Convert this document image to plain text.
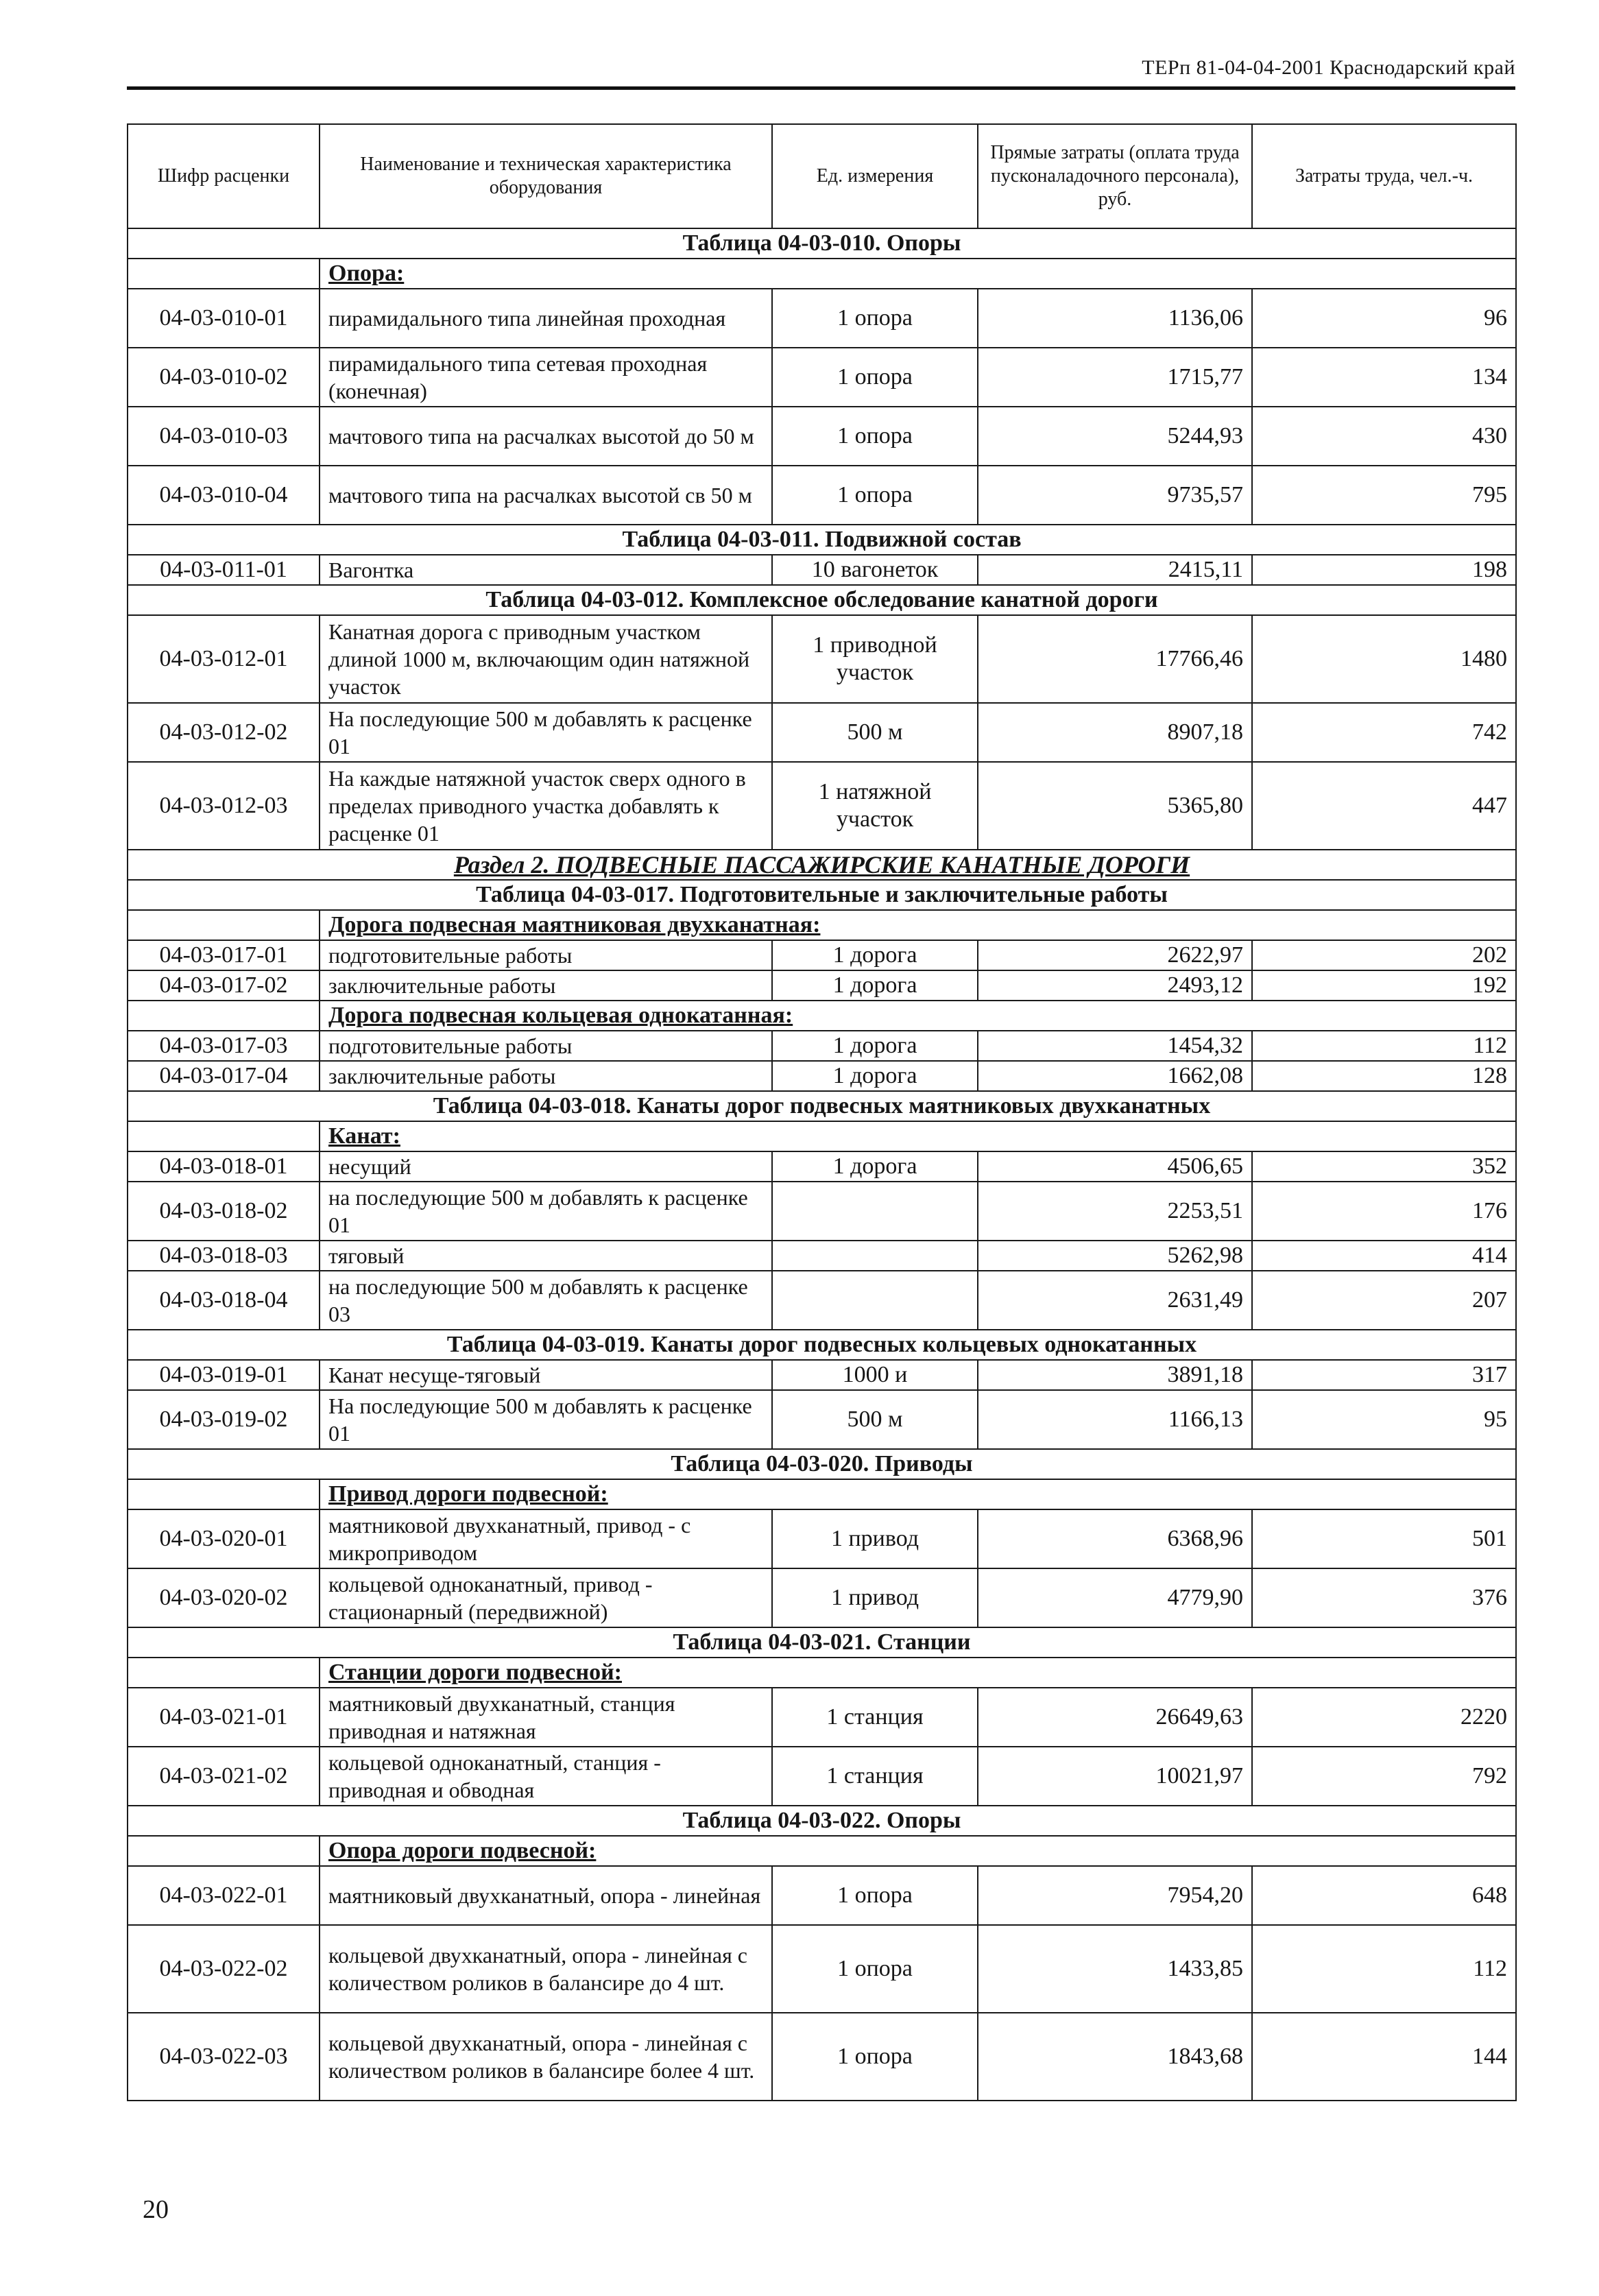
ТЕРп 81-04-04-2001 Краснодарский край
Шифр расценки	Наименование и техническая характеристика оборудования	Ед. измерения	Прямые затраты (оплата труда пусконаладочного персонала), руб.	Затраты труда, чел.-ч.
Таблица 04-03-010. Опоры				
	Опора:			
04-03-010-01	пирамидального типа линейная проходная	1 опора	1136,06	96
04-03-010-02	пирамидального типа сетевая проходная (конечная)	1 опора	1715,77	134
04-03-010-03	мачтового типа на расчалках высотой до 50 м	1 опора	5244,93	430
04-03-010-04	мачтового типа на расчалках высотой св 50 м	1 опора	9735,57	795
Таблица 04-03-011. Подвижной состав				
04-03-011-01	Вагонтка	10 вагонеток	2415,11	198
Таблица 04-03-012. Комплексное обследование канатной дороги				
04-03-012-01	Канатная дорога с приводным участком длиной 1000 м, включающим один натяжной участок	1 приводной участок	17766,46	1480
04-03-012-02	На последующие 500 м добавлять к расценке 01	500 м	8907,18	742
04-03-012-03	На каждые натяжной участок сверх одного в пределах приводного участка добавлять к расценке 01	1 натяжной участок	5365,80	447
Раздел 2. ПОДВЕСНЫЕ ПАССАЖИРСКИЕ КАНАТНЫЕ ДОРОГИ				
Таблица 04-03-017. Подготовительные и заключительные работы				
	Дорога подвесная маятниковая двухканатная:			
04-03-017-01	подготовительные работы	1 дорога	2622,97	202
04-03-017-02	заключительные работы	1 дорога	2493,12	192
	Дорога подвесная кольцевая однокатанная:			
04-03-017-03	подготовительные работы	1 дорога	1454,32	112
04-03-017-04	заключительные работы	1 дорога	1662,08	128
Таблица 04-03-018. Канаты дорог подвесных маятниковых двухканатных				
	Канат:			
04-03-018-01	несущий	1 дорога	4506,65	352
04-03-018-02	на последующие 500 м добавлять к расценке 01		2253,51	176
04-03-018-03	тяговый		5262,98	414
04-03-018-04	на последующие 500 м добавлять к расценке 03		2631,49	207
Таблица 04-03-019. Канаты дорог подвесных кольцевых однокатанных				
04-03-019-01	Канат несуще-тяговый	1000 и	3891,18	317
04-03-019-02	На последующие 500 м добавлять к расценке 01	500 м	1166,13	95
Таблица 04-03-020. Приводы				
	Привод дороги подвесной:			
04-03-020-01	маятниковой двухканатный, привод - с микроприводом	1 привод	6368,96	501
04-03-020-02	кольцевой одноканатный, привод - стационарный (передвижной)	1 привод	4779,90	376
Таблица 04-03-021. Станции				
	Станции дороги подвесной:			
04-03-021-01	маятниковый двухканатный, станция приводная и натяжная	1 станция	26649,63	2220
04-03-021-02	кольцевой одноканатный, станция - приводная и обводная	1 станция	10021,97	792
Таблица 04-03-022. Опоры				
	Опора дороги подвесной:			
04-03-022-01	маятниковый двухканатный, опора - линейная	1 опора	7954,20	648
04-03-022-02	кольцевой двухканатный, опора - линейная с количеством роликов в балансире до 4 шт.	1 опора	1433,85	112
04-03-022-03	кольцевой двухканатный, опора - линейная с количеством роликов в балансире более 4 шт.	1 опора	1843,68	144
20
